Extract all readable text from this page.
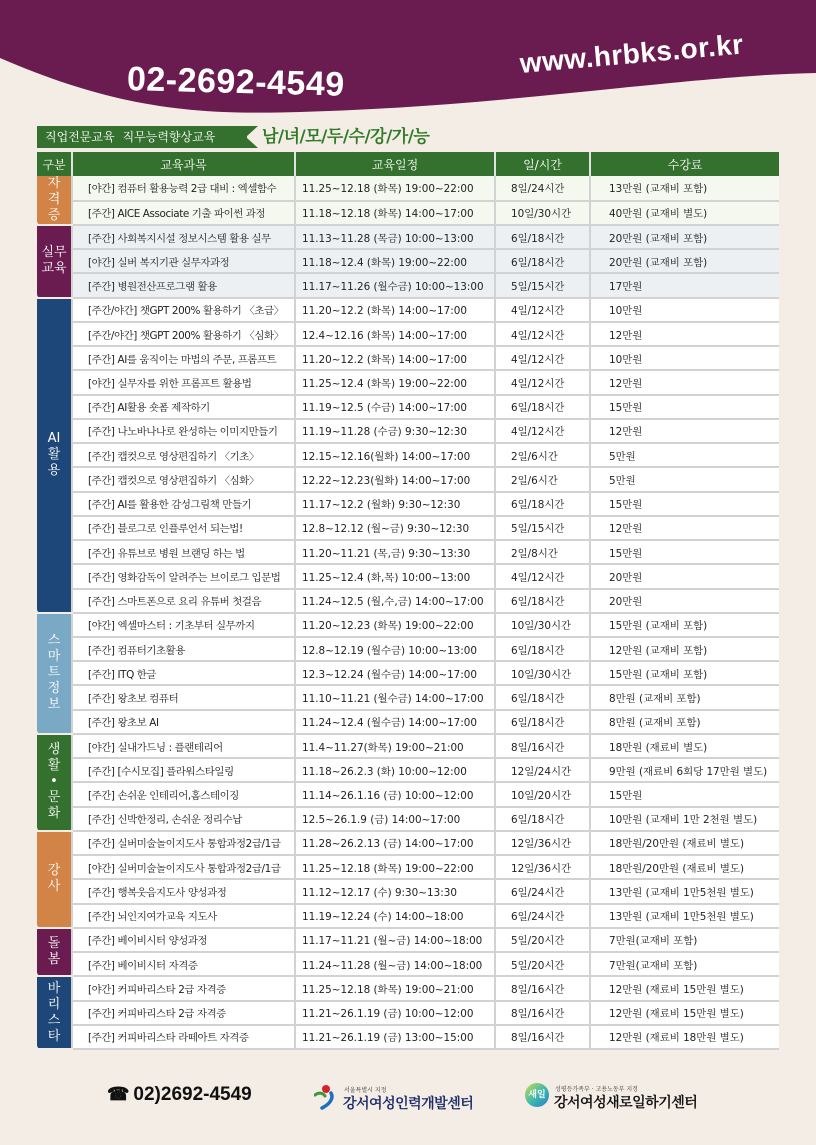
02-2692-4549
www.hrbks.or.kr
직업전문교육 직무능력향상교육	남/녀/모/두/수/강/가/능
구분	교육과목	교육일정	일/시간	수강료

자
격
증	[야간] 컴퓨터 활용능력 2급 대비 : 엑셀함수	11.25~12.18 (화목) 19:00~22:00	8일/24시간	13만원 (교재비 포함)
	[주간] AICE Associate 기출 파이썬 과정	11.18~12.18 (화목) 14:00~17:00	10일/30시간	40만원 (교재비 별도)

실무
교육	[주간] 사회복지시설 정보시스템 활용 실무	11.13~11.28 (목금) 10:00~13:00	6일/18시간	20만원 (교재비 포함)
	[야간] 실버 복지기관 실무자과정	11.18~12.4 (화목) 19:00~22:00	6일/18시간	20만원 (교재비 포함)
	[주간] 병원전산프로그램 활용	11.17~11.26 (월수금) 10:00~13:00	5일/15시간	17만원

AI
활
용	[주간/야간] 챗GPT 200% 활용하기 〈초급〉	11.20~12.2 (화목) 14:00~17:00	4일/12시간	10만원
	[주간/야간] 챗GPT 200% 활용하기 〈심화〉	12.4~12.16 (화목) 14:00~17:00	4일/12시간	12만원
	[주간] AI를 움직이는 마법의 주문, 프롬프트	11.20~12.2 (화목) 14:00~17:00	4일/12시간	10만원
	[야간] 실무자를 위한 프롬프트 활용법	11.25~12.4 (화목) 19:00~22:00	4일/12시간	12만원
	[주간] AI활용 숏폼 제작하기	11.19~12.5 (수금) 14:00~17:00	6일/18시간	15만원
	[주간] 나노바나나로 완성하는 이미지만들기	11.19~11.28 (수금) 9:30~12:30	4일/12시간	12만원
	[주간] 캡컷으로 영상편집하기 〈기초〉	12.15~12.16(월화) 14:00~17:00	2일/6시간	5만원
	[주간] 캡컷으로 영상편집하기 〈심화〉	12.22~12.23(월화) 14:00~17:00	2일/6시간	5만원
	[주간] AI를 활용한 감성그림책 만들기	11.17~12.2 (월화) 9:30~12:30	6일/18시간	15만원
	[주간] 블로그로 인플루언서 되는법!	12.8~12.12 (월~금) 9:30~12:30	5일/15시간	12만원
	[주간] 유튜브로 병원 브랜딩 하는 법	11.20~11.21 (목,금) 9:30~13:30	2일/8시간	15만원
	[주간] 영화감독이 알려주는 브이로그 입문법	11.25~12.4 (화,목) 10:00~13:00	4일/12시간	20만원
	[주간] 스마트폰으로 요리 유튜버 첫걸음	11.24~12.5 (월,수,금) 14:00~17:00	6일/18시간	20만원

스
마
트
정
보	[야간] 엑셀마스터 : 기초부터 실무까지	11.20~12.23 (화목) 19:00~22:00	10일/30시간	15만원 (교재비 포함)
	[주간] 컴퓨터기초활용	12.8~12.19 (월수금) 10:00~13:00	6일/18시간	12만원 (교재비 포함)
	[주간] ITQ 한글	12.3~12.24 (월수금) 14:00~17:00	10일/30시간	15만원 (교재비 포함)
	[주간] 왕초보 컴퓨터	11.10~11.21 (월수금) 14:00~17:00	6일/18시간	8만원 (교재비 포함)
	[주간] 왕초보 AI	11.24~12.4 (월수금) 14:00~17:00	6일/18시간	8만원 (교재비 포함)

생
활
•
문
화	[야간] 실내가드닝 : 플랜테리어	11.4~11.27(화목) 19:00~21:00	8일/16시간	18만원 (재료비 별도)
	[주간] [수시모집] 플라워스타일링	11.18~26.2.3 (화) 10:00~12:00	12일/24시간	9만원 (재료비 6회당 17만원 별도)
	[주간] 손쉬운 인테리어,홈스테이징	11.14~26.1.16 (금) 10:00~12:00	10일/20시간	15만원
	[주간] 신박한정리, 손쉬운 정리수납	12.5~26.1.9 (금) 14:00~17:00	6일/18시간	10만원 (교재비 1만 2천원 별도)

강
사	[주간] 실버미술놀이지도사 통합과정2급/1급	11.28~26.2.13 (금) 14:00~17:00	12일/36시간	18만원/20만원 (재료비 별도)
	[야간] 실버미술놀이지도사 통합과정2급/1급	11.25~12.18 (화목) 19:00~22:00	12일/36시간	18만원/20만원 (재료비 별도)
	[주간] 행복웃음지도사 양성과정	11.12~12.17 (수) 9:30~13:30	6일/24시간	13만원 (교재비 1만5천원 별도)
	[주간] 뇌인지여가교육 지도사	11.19~12.24 (수) 14:00~18:00	6일/24시간	13만원 (교재비 1만5천원 별도)

돌
봄	[주간] 베이비시터 양성과정	11.17~11.21 (월~금) 14:00~18:00	5일/20시간	7만원(교재비 포함)
	[주간] 베이비시터 자격증	11.24~11.28 (월~금) 14:00~18:00	5일/20시간	7만원(교재비 포함)

바
리
스
타	[야간] 커피바리스타 2급 자격증	11.25~12.18 (화목) 19:00~21:00	8일/16시간	12만원 (재료비 15만원 별도)
	[주간] 커피바리스타 2급 자격증	11.21~26.1.19 (금) 10:00~12:00	8일/16시간	12만원 (재료비 15만원 별도)
	[주간] 커피바리스타 라떼아트 자격증	11.21~26.1.19 (금) 13:00~15:00	8일/16시간	12만원 (재료비 18만원 별도)
☎ 02)2692-4549	서울특별시 지정
강서여성인력개발센터
새일
성평등가족부 · 고용노동부 지정
강서여성새로일하기센터
